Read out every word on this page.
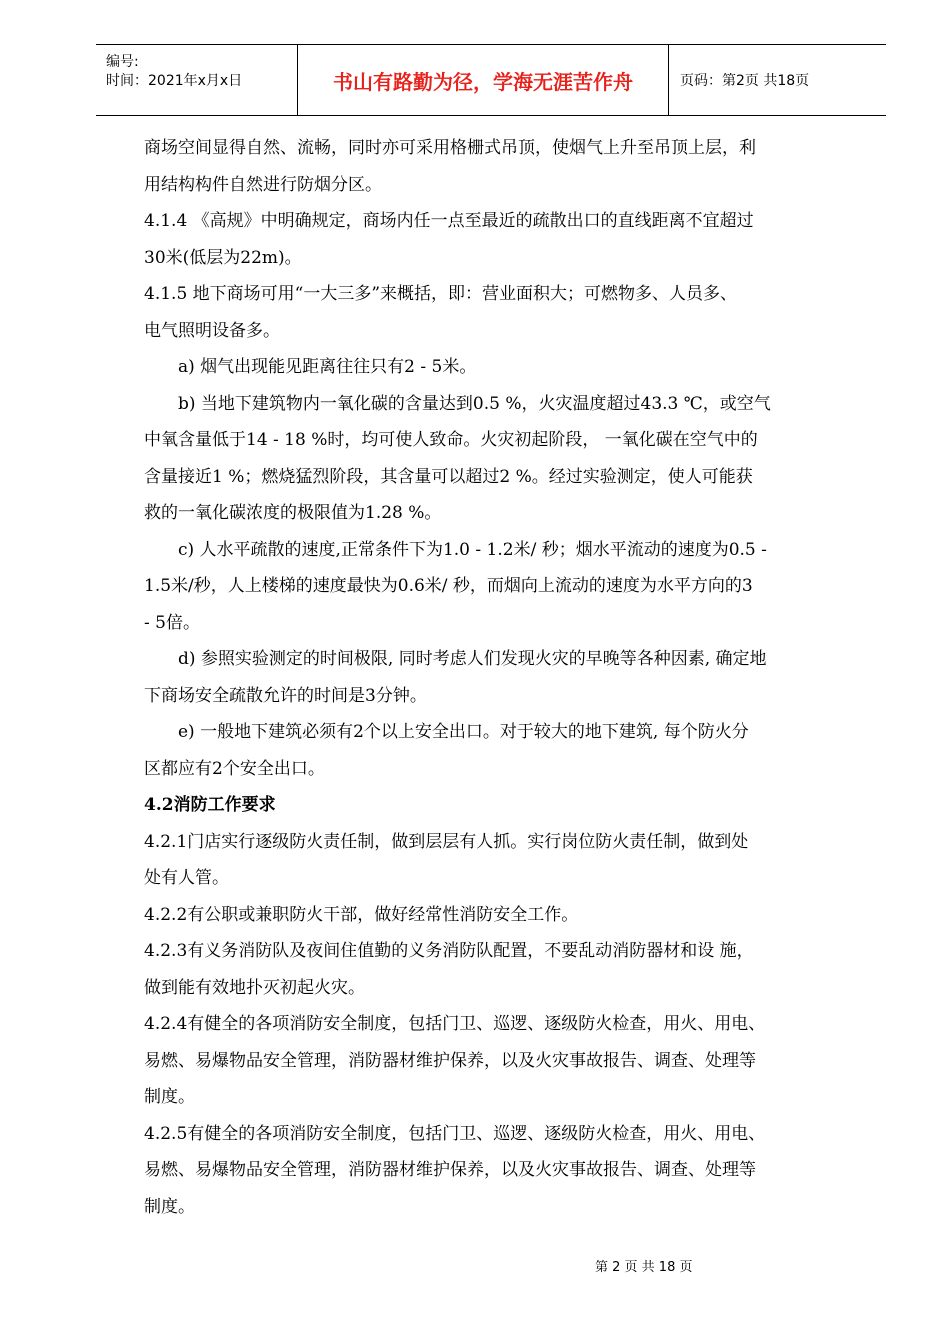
编号:
时间：2021年x月x日	书山有路勤为径，学海无涯苦作舟	页码：第2页 共18页

商场空间显得自然、流畅，同时亦可采用格栅式吊顶，使烟气上升至吊顶上层，利

用结构构件自然进行防烟分区。

4.1.4 《高规》中明确规定，商场内任一点至最近的疏散出口的直线距离不宜超过

30米(低层为22m)。

4.1.5 地下商场可用“一大三多”来概括，即：营业面积大；可燃物多、人员多、

电气照明设备多。

a) 烟气出现能见距离往往只有2 - 5米。

b) 当地下建筑物内一氧化碳的含量达到0.5 %，火灾温度超过43.3 ℃，或空气

中氧含量低于14 - 18 %时，均可使人致命。火灾初起阶段， 一氧化碳在空气中的

含量接近1 %；燃烧猛烈阶段，其含量可以超过2 %。经过实验测定，使人可能获

救的一氧化碳浓度的极限值为1.28 %。

c) 人水平疏散的速度,正常条件下为1.0 - 1.2米/ 秒；烟水平流动的速度为0.5 -

1.5米/秒，人上楼梯的速度最快为0.6米/ 秒，而烟向上流动的速度为水平方向的3

- 5倍。

d) 参照实验测定的时间极限, 同时考虑人们发现火灾的早晚等各种因素, 确定地

下商场安全疏散允许的时间是3分钟。

e) 一般地下建筑必须有2个以上安全出口。对于较大的地下建筑, 每个防火分

区都应有2个安全出口。

4.2消防工作要求

4.2.1门店实行逐级防火责任制，做到层层有人抓。实行岗位防火责任制，做到处

处有人管。

4.2.2有公职或兼职防火干部，做好经常性消防安全工作。

4.2.3有义务消防队及夜间住值勤的义务消防队配置，不要乱动消防器材和设 施，

做到能有效地扑灭初起火灾。

4.2.4有健全的各项消防安全制度，包括门卫、巡逻、逐级防火检查，用火、用电、

易燃、易爆物品安全管理，消防器材维护保养，以及火灾事故报告、调查、处理等

制度。

4.2.5有健全的各项消防安全制度，包括门卫、巡逻、逐级防火检查，用火、用电、

易燃、易爆物品安全管理，消防器材维护保养，以及火灾事故报告、调查、处理等

制度。

第 2 页 共 18 页
